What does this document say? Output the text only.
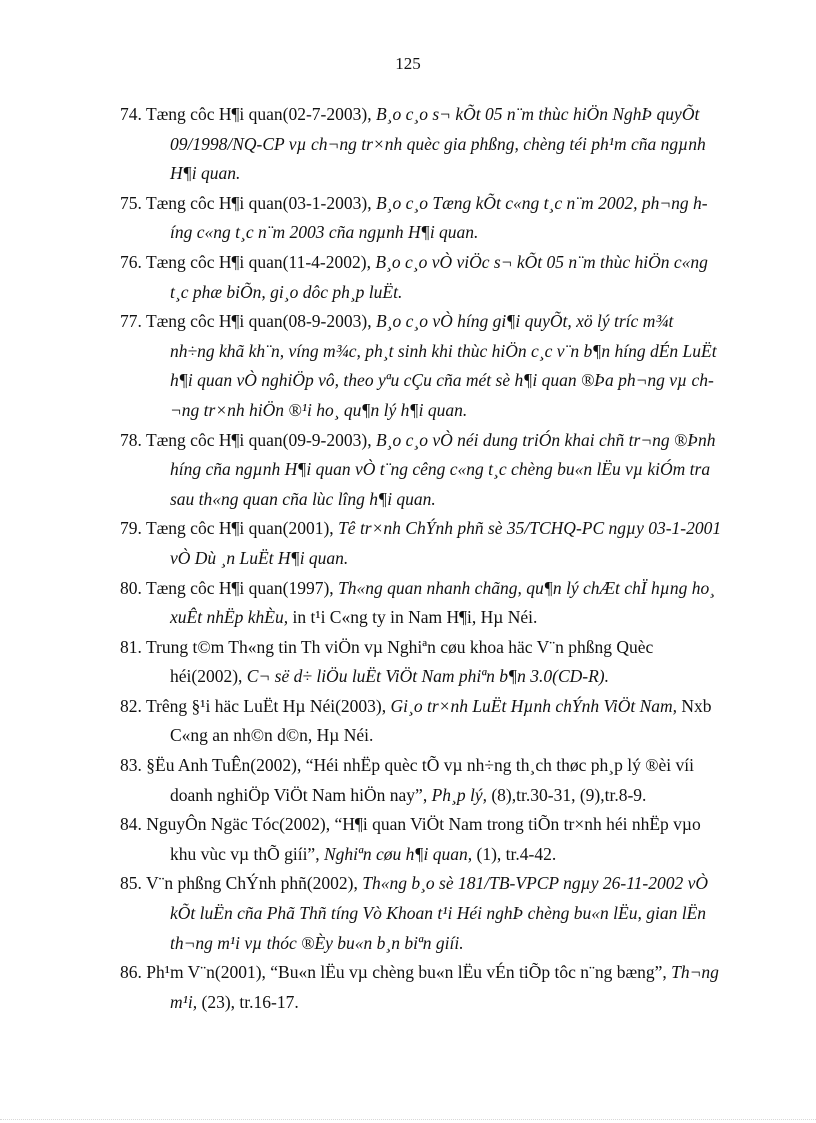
125
74. Tæng côc H¶i quan(02-7-2003), B¸o c¸o s¬ kÕt 05 n¨m thùc hiÖn NghÞ quyÕt 09/1998/NQ-CP vµ ch¬ng tr×nh quèc gia phßng, chèng téi ph¹m cña ngµnh H¶i quan.
75. Tæng côc H¶i quan(03-1-2003), B¸o c¸o Tæng kÕt c«ng t¸c n¨m 2002, ph¬ng híng c«ng t¸c n¨m 2003 cña ngµnh H¶i quan.
76. Tæng côc H¶i quan(11-4-2002), B¸o c¸o vÒ viÖc s¬ kÕt 05 n¨m thùc hiÖn c«ng t¸c phæ biÕn, gi¸o dôc ph¸p luËt.
77. Tæng côc H¶i quan(08-9-2003), B¸o c¸o vÒ híng gi¶i quyÕt, xö lý tríc m¾t nh÷ng khã kh¨n, víng m¾c, ph¸t sinh khi thùc hiÖn c¸c v¨n b¶n híng dÉn LuËt h¶i quan vÒ nghiÖp vô, theo yªu cÇu cña mét sè h¶i quan ®Þa ph¬ng vµ ch¬ng tr×nh hiÖn ®¹i ho¸ qu¶n lý h¶i quan.
78. Tæng côc H¶i quan(09-9-2003), B¸o c¸o vÒ néi dung triÓn khai chñ tr¬ng ®Þnh híng cña ngµnh H¶i quan vÒ t¨ng cêng c«ng t¸c chèng bu«n lËu vµ kiÓm tra sau th«ng quan cña lùc lîng h¶i quan.
79. Tæng côc H¶i quan(2001), Tê tr×nh ChÝnh phñ sè 35/TCHQ-PC ngµy 03-1-2001 vÒ Dù ¸n LuËt H¶i quan.
80. Tæng côc H¶i quan(1997), Th«ng quan nhanh chãng, qu¶n lý chÆt chÏ hµng ho¸ xuÊt nhËp khÈu, in t¹i C«ng ty in Nam H¶i, Hµ Néi.
81. Trung t©m Th«ng tin Th viÖn vµ Nghiªn cøu khoa häc V¨n phßng Quèc héi(2002), C¬ së d÷ liÖu luËt ViÖt Nam phiªn b¶n 3.0(CD-R).
82. Trêng §¹i häc LuËt Hµ Néi(2003), Gi¸o tr×nh LuËt Hµnh chÝnh ViÖt Nam, Nxb C«ng an nh©n d©n, Hµ Néi.
83. §Ëu Anh TuÊn(2002), “Héi nhËp quèc tÕ vµ nh÷ng th¸ch thøc ph¸p lý ®èi víi doanh nghiÖp ViÖt Nam hiÖn nay”, Ph¸p lý, (8),tr.30-31, (9),tr.8-9.
84. NguyÔn Ngäc Tóc(2002), “H¶i quan ViÖt Nam trong tiÕn tr×nh héi nhËp vµo khu vùc vµ thÕ giíi”, Nghiªn cøu h¶i quan, (1), tr.4-42.
85. V¨n phßng ChÝnh phñ(2002), Th«ng b¸o sè 181/TB-VPCP ngµy 26-11-2002 vÒ kÕt luËn cña Phã Thñ tíng Vò Khoan t¹i Héi nghÞ chèng bu«n lËu, gian lËn th¬ng m¹i vµ thóc ®Èy bu«n b¸n biªn giíi.
86. Ph¹m V¨n(2001), “Bu«n lËu vµ chèng bu«n lËu vÉn tiÕp tôc n¨ng bæng”, Th¬ng m¹i, (23), tr.16-17.
